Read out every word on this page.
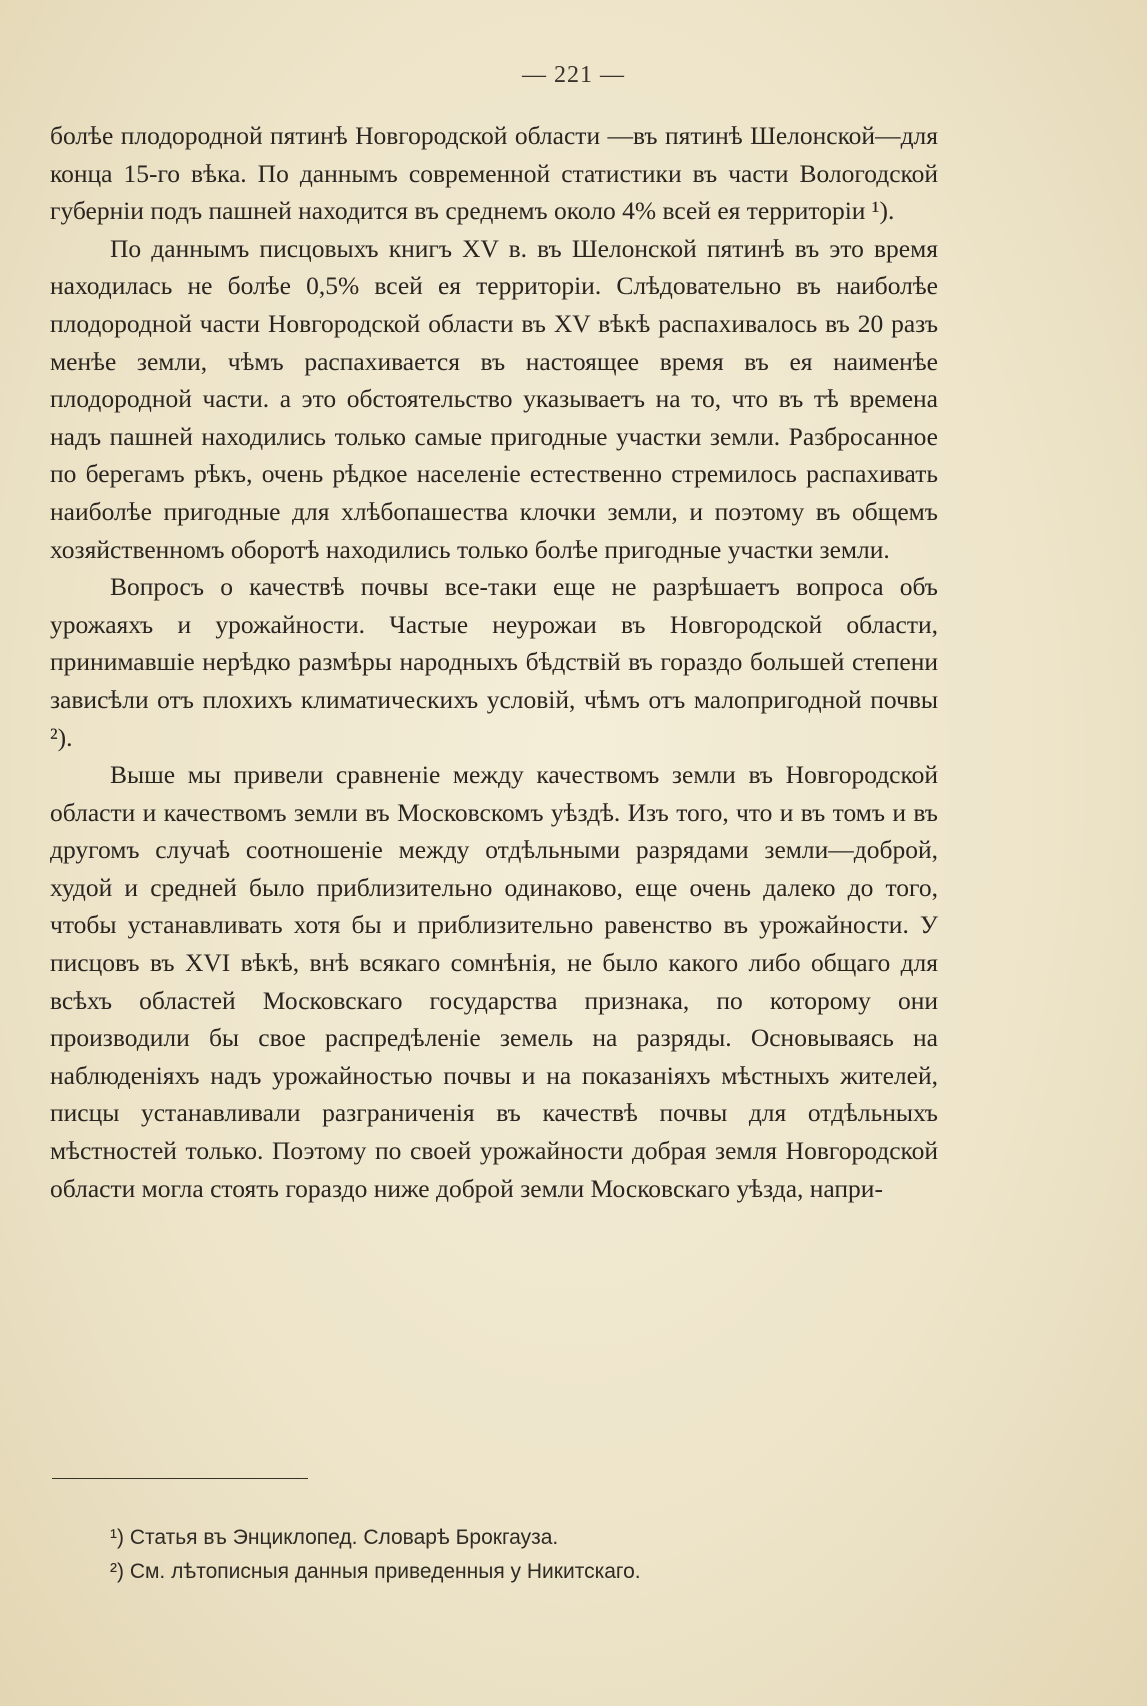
— 221 —

болѣе плодородной пятинѣ Новгородской области —въ пятинѣ Шелонской—для конца 15-го вѣка. По даннымъ современной статистики въ части Вологодской губерніи подъ пашней находится въ среднемъ около 4% всей ея территоріи ¹).

По даннымъ писцовыхъ книгъ XV в. въ Шелонской пятинѣ въ это время находилась не болѣе 0,5% всей ея территоріи. Слѣдовательно въ наиболѣе плодородной части Новгородской области въ XV вѣкѣ распахивалось въ 20 разъ менѣе земли, чѣмъ распахивается въ настоящее время въ ея наименѣе плодородной части. а это обстоятельство указываетъ на то, что въ тѣ времена надъ пашней находились только самые пригодные участки земли. Разбросанное по берегамъ рѣкъ, очень рѣдкое населеніе естественно стремилось распахивать наиболѣе пригодные для хлѣбопашества клочки земли, и поэтому въ общемъ хозяйственномъ оборотѣ находились только болѣе пригодные участки земли.

Вопросъ о качествѣ почвы все-таки еще не разрѣшаетъ вопроса объ урожаяхъ и урожайности. Частые неурожаи въ Новгородской области, принимавшіе нерѣдко размѣры народныхъ бѣдствій въ гораздо большей степени зависѣли отъ плохихъ климатическихъ условій, чѣмъ отъ малопригодной почвы ²).

Выше мы привели сравненіе между качествомъ земли въ Новгородской области и качествомъ земли въ Московскомъ уѣздѣ. Изъ того, что и въ томъ и въ другомъ случаѣ соотношеніе между отдѣльными разрядами земли—доброй, худой и средней было приблизительно одинаково, еще очень далеко до того, чтобы устанавливать хотя бы и приблизительно равенство въ урожайности. У писцовъ въ XVI вѣкѣ, внѣ всякаго сомнѣнія, не было какого либо общаго для всѣхъ областей Московскаго государства признака, по которому они производили бы свое распредѣленіе земель на разряды. Основываясь на наблюденіяхъ надъ урожайностью почвы и на показаніяхъ мѣстныхъ жителей, писцы устанавливали разграниченія въ качествѣ почвы для отдѣльныхъ мѣстностей только. Поэтому по своей урожайности добрая земля Новгородской области могла стоять гораздо ниже доброй земли Московскаго уѣзда, напри-

¹) Статья въ Энциклопед. Словарѣ Брокгауза.
²) См. лѣтописныя данныя приведенныя у Никитскаго.
